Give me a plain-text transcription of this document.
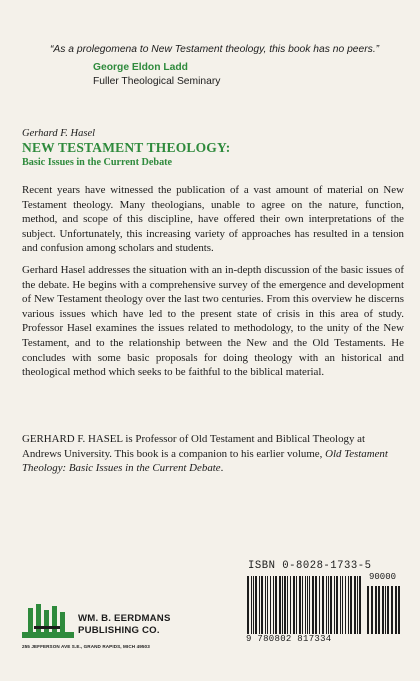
“As a prolegomena to New Testament theology, this book has no peers.”

George Eldon Ladd
Fuller Theological Seminary
Gerhard F. Hasel
NEW TESTAMENT THEOLOGY:
Basic Issues in the Current Debate

Recent years have witnessed the publication of a vast amount of material on New Testament theology. Many theologians, unable to agree on the nature, function, method, and scope of this discipline, have offered their own interpretations of the subject. Unfortunately, this increasing variety of approaches has resulted in a tension and confusion among scholars and students.

Gerhard Hasel addresses the situation with an in-depth discussion of the basic issues of the debate. He begins with a comprehensive survey of the emergence and development of New Testament theology over the last two centuries. From this overview he discerns various issues which have led to the present state of crisis in this area of study. Professor Hasel examines the issues related to methodology, to the unity of the New Testament, and to the relationship between the New and the Old Testaments. He concludes with some basic proposals for doing theology with an historical and theological method which seeks to be faithful to the biblical material.

GERHARD F. HASEL is Professor of Old Testament and Biblical Theology at Andrews University. This book is a companion to his earlier volume, Old Testament Theology: Basic Issues in the Current Debate.
ISBN 0-8028-1733-5
90000
9 780802 817334
WM. B. EERDMANS
PUBLISHING CO.
255 JEFFERSON AVE S.E., GRAND RAPIDS, MICH 49503
